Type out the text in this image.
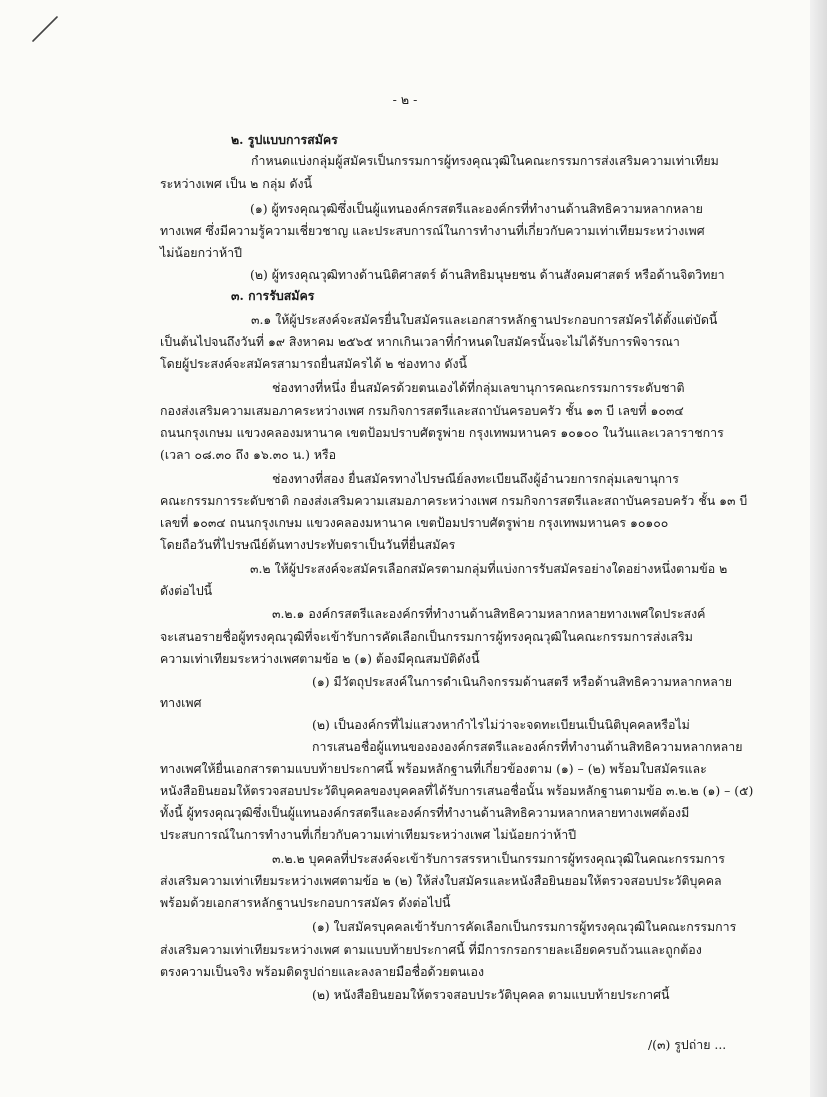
- ๒ -
๒. รูปแบบการสมัคร
กำหนดแบ่งกลุ่มผู้สมัครเป็นกรรมการผู้ทรงคุณวุฒิในคณะกรรมการส่งเสริมความเท่าเทียม
ระหว่างเพศ เป็น ๒ กลุ่ม ดังนี้
(๑) ผู้ทรงคุณวุฒิซึ่งเป็นผู้แทนองค์กรสตรีและองค์กรที่ทำงานด้านสิทธิความหลากหลาย
ทางเพศ ซึ่งมีความรู้ความเชี่ยวชาญ และประสบการณ์ในการทำงานที่เกี่ยวกับความเท่าเทียมระหว่างเพศ
ไม่น้อยกว่าห้าปี
(๒) ผู้ทรงคุณวุฒิทางด้านนิติศาสตร์ ด้านสิทธิมนุษยชน ด้านสังคมศาสตร์ หรือด้านจิตวิทยา
๓. การรับสมัคร
๓.๑ ให้ผู้ประสงค์จะสมัครยื่นใบสมัครและเอกสารหลักฐานประกอบการสมัครได้ตั้งแต่บัดนี้
เป็นต้นไปจนถึงวันที่ ๑๙ สิงหาคม ๒๕๖๕ หากเกินเวลาที่กำหนดใบสมัครนั้นจะไม่ได้รับการพิจารณา
โดยผู้ประสงค์จะสมัครสามารถยื่นสมัครได้ ๒ ช่องทาง ดังนี้
ช่องทางที่หนึ่ง ยื่นสมัครด้วยตนเองได้ที่กลุ่มเลขานุการคณะกรรมการระดับชาติ
กองส่งเสริมความเสมอภาคระหว่างเพศ กรมกิจการสตรีและสถาบันครอบครัว ชั้น ๑๓ บี เลขที่ ๑๐๓๔
ถนนกรุงเกษม แขวงคลองมหานาค เขตป้อมปราบศัตรูพ่าย กรุงเทพมหานคร ๑๐๑๐๐ ในวันและเวลาราชการ
(เวลา ๐๘.๓๐ ถึง ๑๖.๓๐ น.) หรือ
ช่องทางที่สอง ยื่นสมัครทางไปรษณีย์ลงทะเบียนถึงผู้อำนวยการกลุ่มเลขานุการ
คณะกรรมการระดับชาติ กองส่งเสริมความเสมอภาคระหว่างเพศ กรมกิจการสตรีและสถาบันครอบครัว ชั้น ๑๓ บี
เลขที่ ๑๐๓๔ ถนนกรุงเกษม แขวงคลองมหานาค เขตป้อมปราบศัตรูพ่าย กรุงเทพมหานคร ๑๐๑๐๐
โดยถือวันที่ไปรษณีย์ต้นทางประทับตราเป็นวันที่ยื่นสมัคร
๓.๒ ให้ผู้ประสงค์จะสมัครเลือกสมัครตามกลุ่มที่แบ่งการรับสมัครอย่างใดอย่างหนึ่งตามข้อ ๒
ดังต่อไปนี้
๓.๒.๑ องค์กรสตรีและองค์กรที่ทำงานด้านสิทธิความหลากหลายทางเพศใดประสงค์
จะเสนอรายชื่อผู้ทรงคุณวุฒิที่จะเข้ารับการคัดเลือกเป็นกรรมการผู้ทรงคุณวุฒิในคณะกรรมการส่งเสริม
ความเท่าเทียมระหว่างเพศตามข้อ ๒ (๑) ต้องมีคุณสมบัติดังนี้
(๑) มีวัตถุประสงค์ในการดำเนินกิจกรรมด้านสตรี หรือด้านสิทธิความหลากหลาย
ทางเพศ
(๒) เป็นองค์กรที่ไม่แสวงหากำไรไม่ว่าจะจดทะเบียนเป็นนิติบุคคลหรือไม่
การเสนอชื่อผู้แทนของององค์กรสตรีและองค์กรที่ทำงานด้านสิทธิความหลากหลาย
ทางเพศให้ยื่นเอกสารตามแบบท้ายประกาศนี้ พร้อมหลักฐานที่เกี่ยวข้องตาม (๑) – (๒) พร้อมใบสมัครและ
หนังสือยินยอมให้ตรวจสอบประวัติบุคคลของบุคคลที่ได้รับการเสนอชื่อนั้น พร้อมหลักฐานตามข้อ ๓.๒.๒ (๑) – (๕)
ทั้งนี้ ผู้ทรงคุณวุฒิซึ่งเป็นผู้แทนองค์กรสตรีและองค์กรที่ทำงานด้านสิทธิความหลากหลายทางเพศต้องมี
ประสบการณ์ในการทำงานที่เกี่ยวกับความเท่าเทียมระหว่างเพศ ไม่น้อยกว่าห้าปี
๓.๒.๒ บุคคลที่ประสงค์จะเข้ารับการสรรหาเป็นกรรมการผู้ทรงคุณวุฒิในคณะกรรมการ
ส่งเสริมความเท่าเทียมระหว่างเพศตามข้อ ๒ (๒) ให้ส่งใบสมัครและหนังสือยินยอมให้ตรวจสอบประวัติบุคคล
พร้อมด้วยเอกสารหลักฐานประกอบการสมัคร ดังต่อไปนี้
(๑) ใบสมัครบุคคลเข้ารับการคัดเลือกเป็นกรรมการผู้ทรงคุณวุฒิในคณะกรรมการ
ส่งเสริมความเท่าเทียมระหว่างเพศ ตามแบบท้ายประกาศนี้ ที่มีการกรอกรายละเอียดครบถ้วนและถูกต้อง
ตรงความเป็นจริง พร้อมติดรูปถ่ายและลงลายมือชื่อด้วยตนเอง
(๒) หนังสือยินยอมให้ตรวจสอบประวัติบุคคล ตามแบบท้ายประกาศนี้
/(๓) รูปถ่าย ...
